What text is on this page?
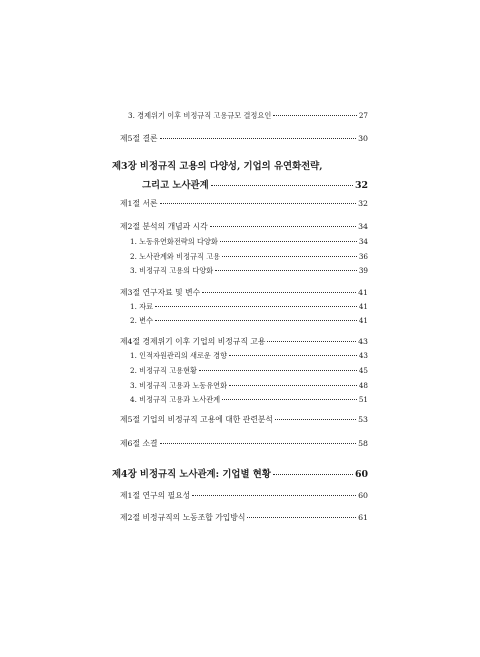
3. 경제위기 이후 비정규직 고용규모 결정요인	27
제5절 결론	30
제3장 비정규직 고용의 다양성, 기업의 유연화전략,
그리고 노사관계	32
제1절 서론	32
제2절 분석의 개념과 시각	34
1. 노동유연화전략의 다양화	34
2. 노사관계와 비정규직 고용	36
3. 비정규직 고용의 다양화	39
제3절 연구자료 및 변수	41
1. 자료	41
2. 변수	41
제4절 경제위기 이후 기업의 비정규직 고용	43
1. 인적자원관리의 새로운 경향	43
2. 비정규직 고용현황	45
3. 비정규직 고용과 노동유연화	48
4. 비정규직 고용과 노사관계	51
제5절 기업의 비정규직 고용에 대한 관련분석	53
제6절 소결	58
제4장 비정규직 노사관계: 기업별 현황	60
제1절 연구의 필요성	60
제2절 비정규직의 노동조합 가입방식	61
